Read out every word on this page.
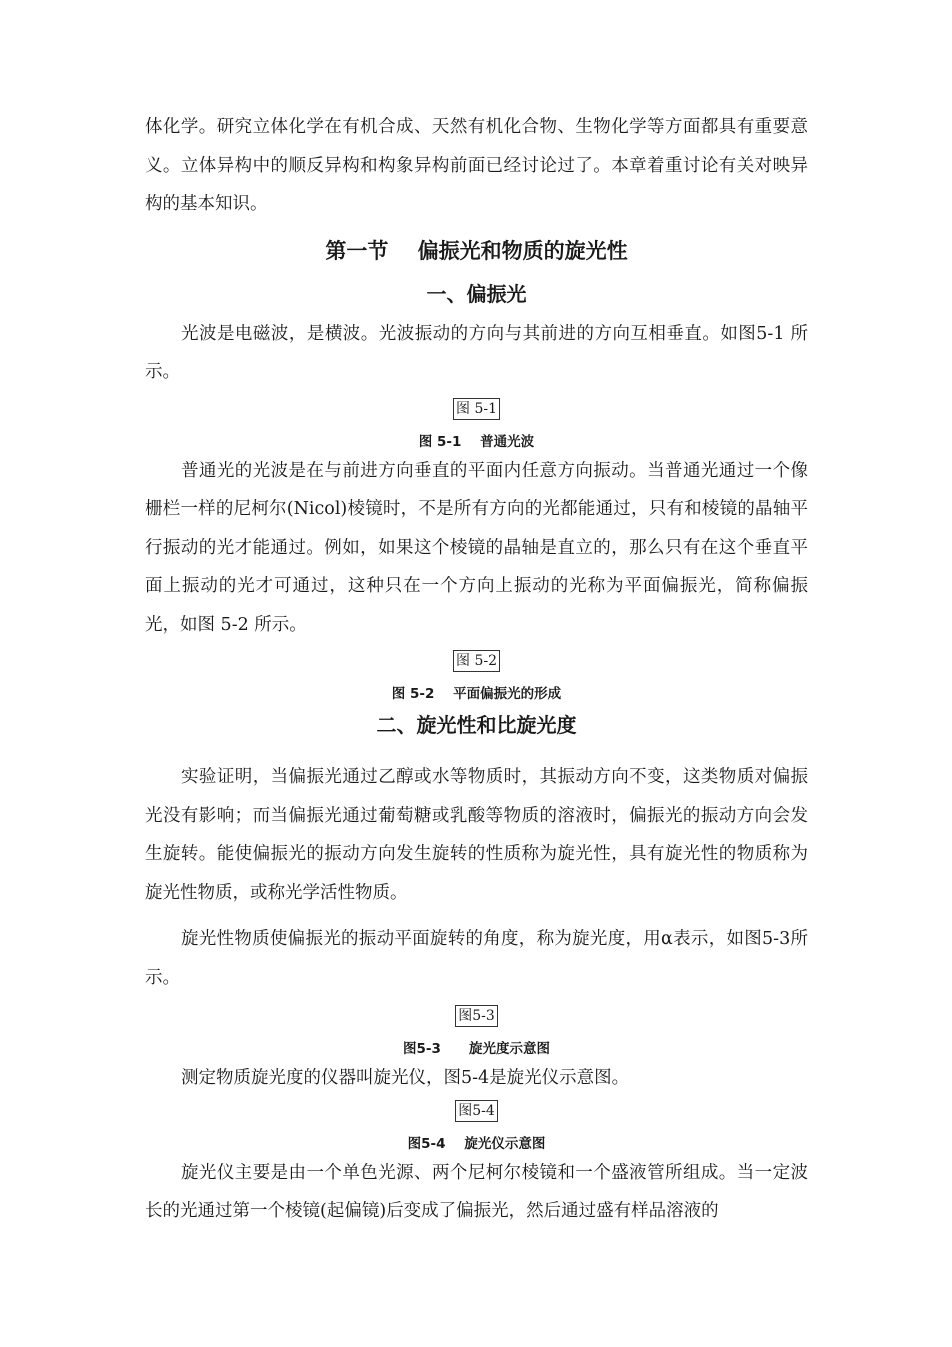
体化学。研究立体化学在有机合成、天然有机化合物、生物化学等方面都具有重要意义。立体异构中的顺反异构和构象异构前面已经讨论过了。本章着重讨论有关对映异构的基本知识。

第一节    偏振光和物质的旋光性

一、偏振光

光波是电磁波，是横波。光波振动的方向与其前进的方向互相垂直。如图5-1 所示。

图 5-1

图 5-1    普通光波

普通光的光波是在与前进方向垂直的平面内任意方向振动。当普通光通过一个像栅栏一样的尼柯尔(Nicol)棱镜时，不是所有方向的光都能通过，只有和棱镜的晶轴平行振动的光才能通过。例如，如果这个棱镜的晶轴是直立的，那么只有在这个垂直平面上振动的光才可通过，这种只在一个方向上振动的光称为平面偏振光，简称偏振光，如图 5-2 所示。

图 5-2

图 5-2    平面偏振光的形成

二、旋光性和比旋光度

实验证明，当偏振光通过乙醇或水等物质时，其振动方向不变，这类物质对偏振光没有影响；而当偏振光通过葡萄糖或乳酸等物质的溶液时，偏振光的振动方向会发生旋转。能使偏振光的振动方向发生旋转的性质称为旋光性，具有旋光性的物质称为旋光性物质，或称光学活性物质。

旋光性物质使偏振光的振动平面旋转的角度，称为旋光度，用α表示，如图5-3所示。

图5-3

图5-3      旋光度示意图

测定物质旋光度的仪器叫旋光仪，图5-4是旋光仪示意图。

图5-4

图5-4    旋光仪示意图

旋光仪主要是由一个单色光源、两个尼柯尔棱镜和一个盛液管所组成。当一定波长的光通过第一个棱镜(起偏镜)后变成了偏振光，然后通过盛有样品溶液的
